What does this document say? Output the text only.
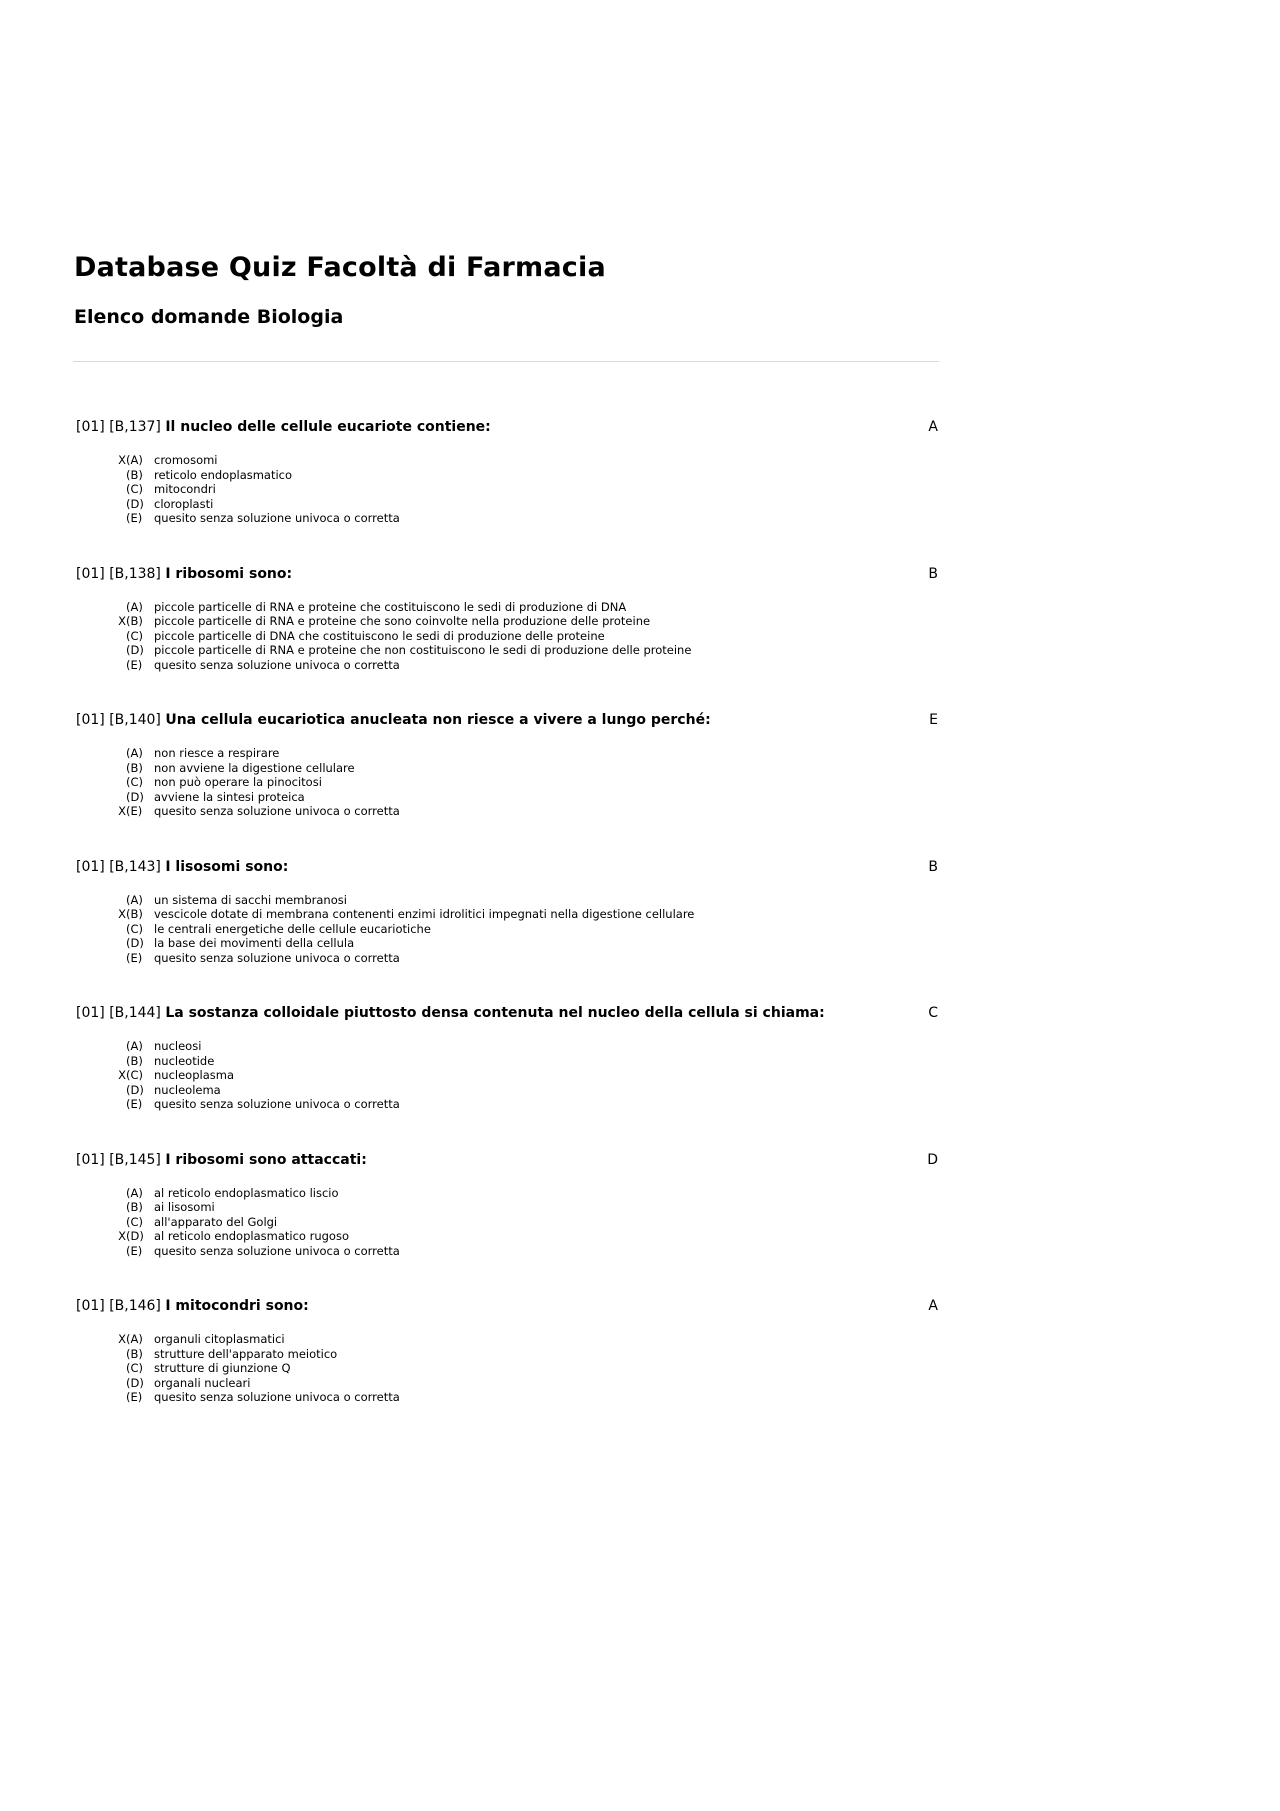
Database Quiz Facoltà di Farmacia
Elenco domande Biologia
[01] [B,137] Il nucleo delle cellule eucariote contiene:	A
X (A) cromosomi
(B) reticolo endoplasmatico
(C) mitocondri
(D) cloroplasti
(E) quesito senza soluzione univoca o corretta
[01] [B,138] I ribosomi sono:	B
(A) piccole particelle di RNA e proteine che costituiscono le sedi di produzione di DNA
X (B) piccole particelle di RNA e proteine che sono coinvolte nella produzione delle proteine
(C) piccole particelle di DNA che costituiscono le sedi di produzione delle proteine
(D) piccole particelle di RNA e proteine che non costituiscono le sedi di produzione delle proteine
(E) quesito senza soluzione univoca o corretta
[01] [B,140] Una cellula eucariotica anucleata non riesce a vivere a lungo perché:	E
(A) non riesce a respirare
(B) non avviene la digestione cellulare
(C) non può operare la pinocitosi
(D) avviene la sintesi proteica
X (E) quesito senza soluzione univoca o corretta
[01] [B,143] I lisosomi sono:	B
(A) un sistema di sacchi membranosi
X (B) vescicole dotate di membrana contenenti enzimi idrolitici impegnati nella digestione cellulare
(C) le centrali energetiche delle cellule eucariotiche
(D) la base dei movimenti della cellula
(E) quesito senza soluzione univoca o corretta
[01] [B,144] La sostanza colloidale piuttosto densa contenuta nel nucleo della cellula si chiama:	C
(A) nucleosi
(B) nucleotide
X (C) nucleoplasma
(D) nucleolema
(E) quesito senza soluzione univoca o corretta
[01] [B,145] I ribosomi sono attaccati:	D
(A) al reticolo endoplasmatico liscio
(B) ai lisosomi
(C) all'apparato del Golgi
X (D) al reticolo endoplasmatico rugoso
(E) quesito senza soluzione univoca o corretta
[01] [B,146] I mitocondri sono:	A
X (A) organuli citoplasmatici
(B) strutture dell'apparato meiotico
(C) strutture di giunzione Q
(D) organali nucleari
(E) quesito senza soluzione univoca o corretta
